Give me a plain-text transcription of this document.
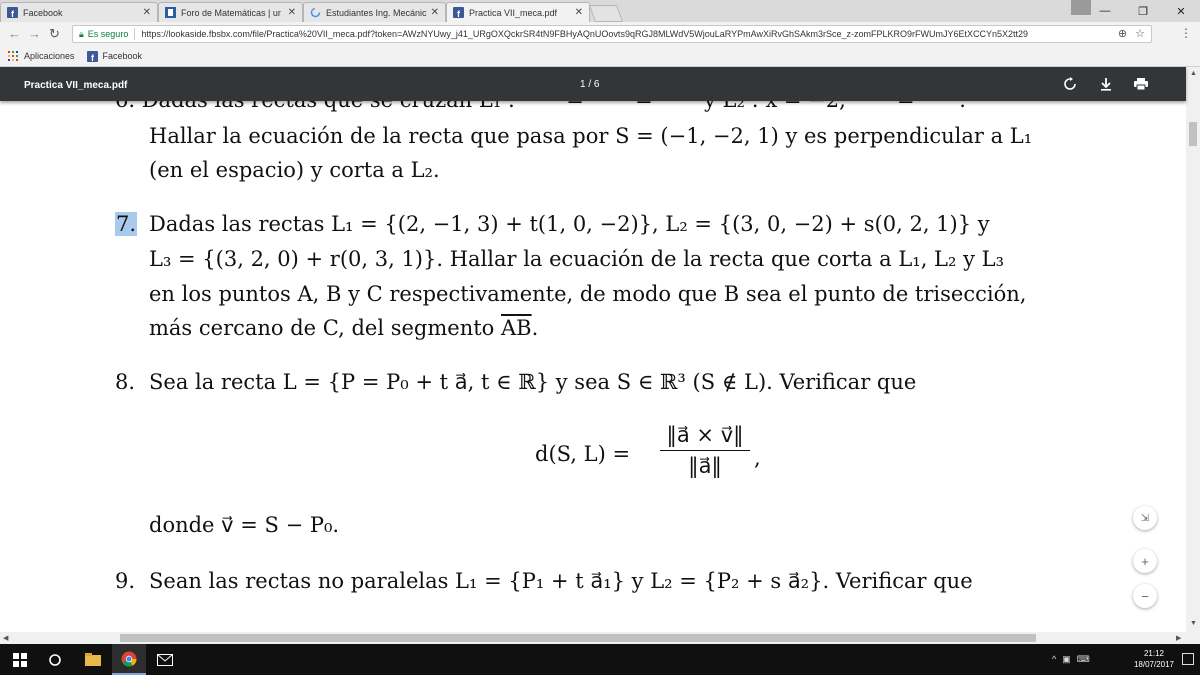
f Facebook	✕	Foro de Matemáticas | ur ✕	Estudiantes Ing. Mecánic ✕ f Practica VII_meca.pdf	✕	—	❐	✕
← → ↻ 🔒︎ Es seguro https://lookaside.fbsbx.com/file/Practica%20VII_meca.pdf?token=AWzNYUwy_j41_URgOXQckrSR4tN9FBHyAQnUOovts9qRGJ8MLWdV5WjouLaRYPmAwXiRvGhSAkm3rSce_z-zomFPLKRO9rFWUmJY6EtXCCYn5X2tt29	⊕ ☆	⋮
Aplicaciones f Facebook
Practica VII_meca.pdf	1 / 6
Hallar la ecuación de la recta que pasa por S = (−1, −2, 1) y es perpendicular a L₁
(en el espacio) y corta a L₂.
7. Dadas las rectas L₁ = {(2, −1, 3) + t(1, 0, −2)}, L₂ = {(3, 0, −2) + s(0, 2, 1)} y
L₃ = {(3, 2, 0) + r(0, 3, 1)}. Hallar la ecuación de la recta que corta a L₁, L₂ y L₃
en los puntos A, B y C respectivamente, de modo que B sea el punto de trisección,
más cercano de C, del segmento $\overline{AB}$.
8. Sea la recta L = {P = P₀ + t a⃗, t ∈ ℝ} y sea S ∈ ℝ³ (S ∉ L). Verificar que
d(S, L) =
‖a⃗ × v⃗‖
‖a⃗‖	,
donde v⃗ = S − P₀.
9. Sean las rectas no paralelas L₁ = {P₁ + t a⃗₁} y L₂ = {P₂ + s a⃗₂}. Verificar que
⇲
+
−
▲
▼
◀	▶
^ ▣ ⌨
21:12
18/07/2017
